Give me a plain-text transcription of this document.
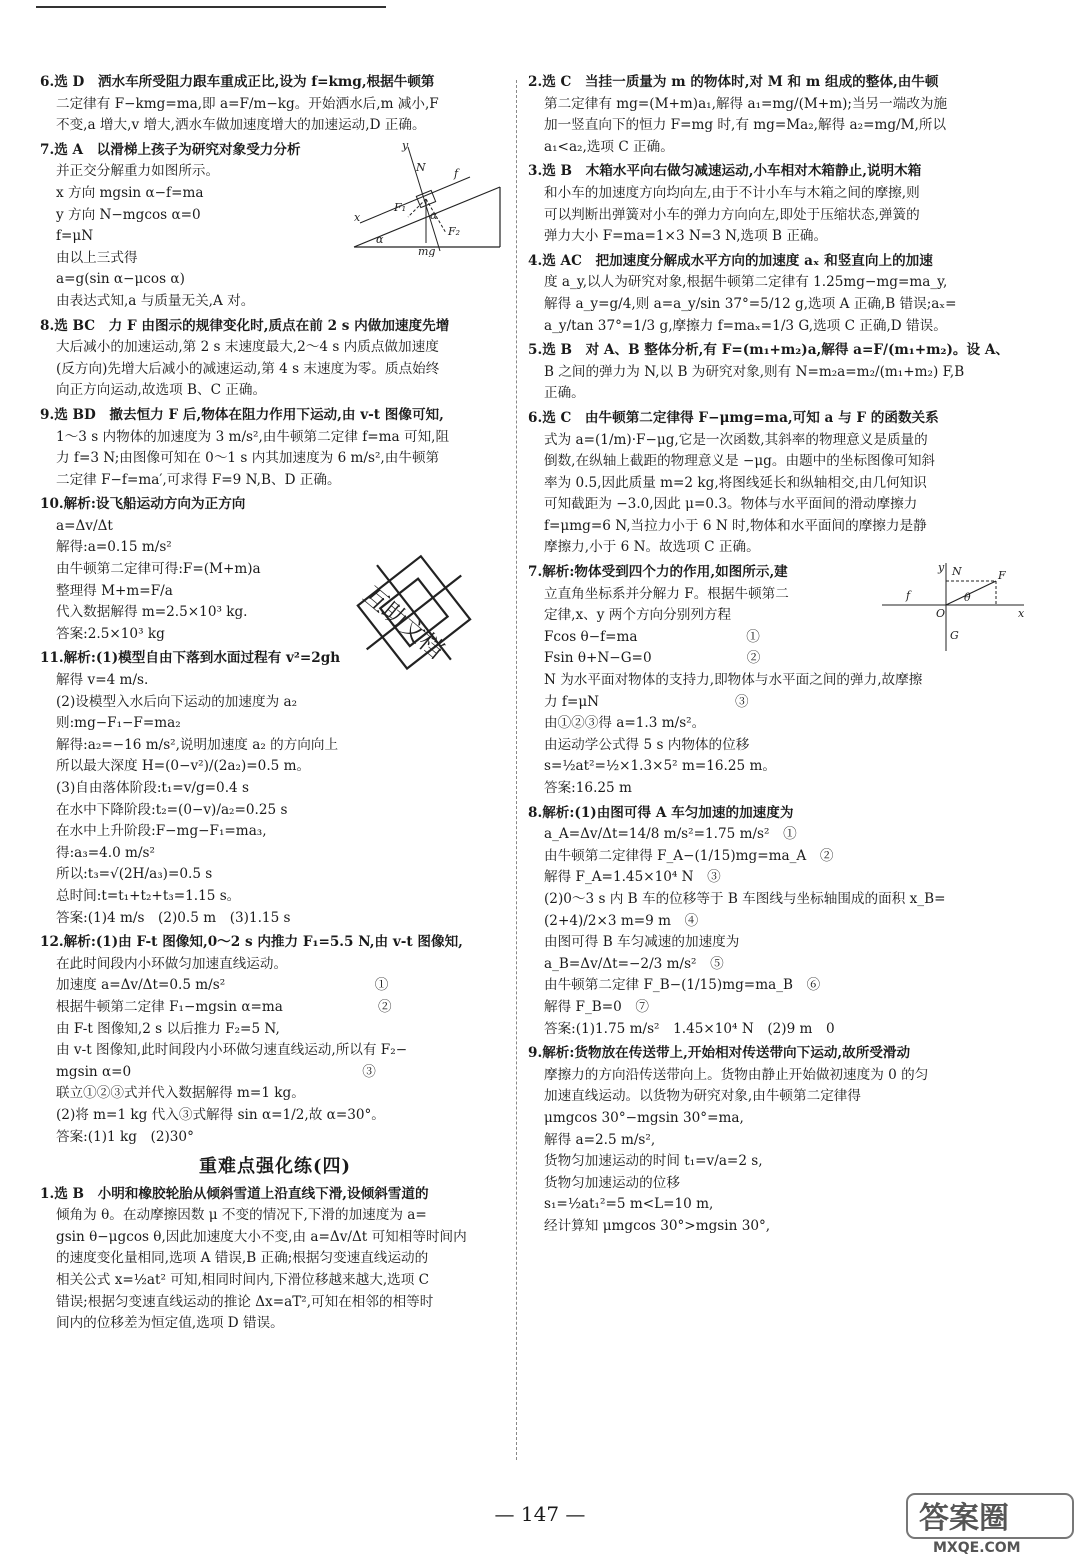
6.选 D　洒水车所受阻力跟车重成正比,设为 f=kmg,根据牛顿第

二定律有 F−kmg=ma,即 a=F/m−kg。开始洒水后,m 减小,F

不变,a 增大,v 增大,洒水车做加速度增大的加速运动,D 正确。

N	f
F₁
F₂
x
y
α
α
mg

7.选 A　以滑梯上孩子为研究对象受力分析

并正交分解重力如图所示。

x 方向 mgsin α−f=ma

y 方向 N−mgcos α=0

f=μN

由以上三式得

a=g(sin α−μcos α)

由表达式知,a 与质量无关,A 对。

8.选 BC　力 F 由图示的规律变化时,质点在前 2 s 内做加速度先增

大后减小的加速运动,第 2 s 末速度最大,2～4 s 内质点做加速度

(反方向)先增大后减小的减速运动,第 4 s 末速度为零。质点始终

向正方向运动,故选项 B、C 正确。

9.选 BD　撤去恒力 F 后,物体在阻力作用下运动,由 v-t 图像可知,

1～3 s 内物体的加速度为 3 m/s²,由牛顿第二定律 f=ma 可知,阻

力 f=3 N;由图像可知在 0～1 s 内其加速度为 6 m/s²,由牛顿第

二定律 F−f=ma′,可求得 F=9 N,B、D 正确。

10.解析:设飞船运动方向为正方向

a=Δv/Δt

解得:a=0.15 m/s²

由牛顿第二定律可得:F=(M+m)a

整理得 M+m=F/a

代入数据解得 m=2.5×10³ kg.

答案:2.5×10³ kg

11.解析:(1)模型自由下落到水面过程有 v²=2gh

解得 v=4 m/s.

(2)设模型入水后向下运动的加速度为 a₂

则:mg−F₁−F=ma₂

解得:a₂=−16 m/s²,说明加速度 a₂ 的方向向上

所以最大深度 H=(0−v²)/(2a₂)=0.5 m。

(3)自由落体阶段:t₁=v/g=0.4 s

在水中下降阶段:t₂=(0−v)/a₂=0.25 s

在水中上升阶段:F−mg−F₁=ma₃,

得:a₃=4.0 m/s²

所以:t₃=√(2H/a₃)=0.5 s

总时间:t=t₁+t₂+t₃=1.15 s。

答案:(1)4 m/s　(2)0.5 m　(3)1.15 s

12.解析:(1)由 F-t 图像知,0～2 s 内推力 F₁=5.5 N,由 v-t 图像知,

在此时间段内小环做匀加速直线运动。

加速度 a=Δv/Δt=0.5 m/s²　　　　　　　　　　　①

根据牛顿第二定律 F₁−mgsin α=ma　　　　　　　②

由 F-t 图像知,2 s 以后推力 F₂=5 N,

由 v-t 图像知,此时间段内小环做匀速直线运动,所以有 F₂−

mgsin α=0　　　　　　　　　　　　　　　　　③

联立①②③式并代入数据解得 m=1 kg。

(2)将 m=1 kg 代入③式解得 sin α=1/2,故 α=30°。

答案:(1)1 kg　(2)30°

重难点强化练(四)

1.选 B　小明和橡胶轮胎从倾斜雪道上沿直线下滑,设倾斜雪道的

倾角为 θ。在动摩擦因数 μ 不变的情况下,下滑的加速度为 a=

gsin θ−μgcos θ,因此加速度大小不变,由 a=Δv/Δt 可知相等时间内

的速度变化量相同,选项 A 错误,B 正确;根据匀变速直线运动的

相关公式 x=½at² 可知,相同时间内,下滑位移越来越大,选项 C

错误;根据匀变速直线运动的推论 Δx=aT²,可知在相邻的相等时

间内的位移差为恒定值,选项 D 错误。

2.选 C　当挂一质量为 m 的物体时,对 M 和 m 组成的整体,由牛顿

第二定律有 mg=(M+m)a₁,解得 a₁=mg/(M+m);当另一端改为施

加一竖直向下的恒力 F=mg 时,有 mg=Ma₂,解得 a₂=mg/M,所以

a₁<a₂,选项 C 正确。

3.选 B　木箱水平向右做匀减速运动,小车相对木箱静止,说明木箱

和小车的加速度方向均向左,由于不计小车与木箱之间的摩擦,则

可以判断出弹簧对小车的弹力方向向左,即处于压缩状态,弹簧的

弹力大小 F=ma=1×3 N=3 N,选项 B 正确。

4.选 AC　把加速度分解成水平方向的加速度 aₓ 和竖直向上的加速

度 a_y,以人为研究对象,根据牛顿第二定律有 1.25mg−mg=ma_y,

解得 a_y=g/4,则 a=a_y/sin 37°=5/12 g,选项 A 正确,B 错误;aₓ=

a_y/tan 37°=1/3 g,摩擦力 f=maₓ=1/3 G,选项 C 正确,D 错误。

5.选 B　对 A、B 整体分析,有 F=(m₁+m₂)a,解得 a=F/(m₁+m₂)。设 A、

B 之间的弹力为 N,以 B 为研究对象,则有 N=m₂a=m₂/(m₁+m₂) F,B

正确。

6.选 C　由牛顿第二定律得 F−μmg=ma,可知 a 与 F 的函数关系

式为 a=(1/m)·F−μg,它是一次函数,其斜率的物理意义是质量的

倒数,在纵轴上截距的物理意义是 −μg。由题中的坐标图像可知斜

率为 0.5,因此质量 m=2 kg,将图线延长和纵轴相交,由几何知识

可知截距为 −3.0,因此 μ=0.3。物体与水平面间的滑动摩擦力

f=μmg=6 N,当拉力小于 6 N 时,物体和水平面间的摩擦力是静

摩擦力,小于 6 N。故选项 C 正确。

y N	F
f
O
θ
x
G

7.解析:物体受到四个力的作用,如图所示,建

立直角坐标系并分解力 F。根据牛顿第二

定律,x、y 两个方向分别列方程

Fcos θ−f=ma　　　　　　　　①

Fsin θ+N−G=0　　　　　　　②

N 为水平面对物体的支持力,即物体与水平面之间的弹力,故摩擦

力 f=μN　　　　　　　　　　③

由①②③得 a=1.3 m/s²。

由运动学公式得 5 s 内物体的位移

s=½at²=½×1.3×5² m=16.25 m。

答案:16.25 m

8.解析:(1)由图可得 A 车匀加速的加速度为

a_A=Δv/Δt=14/8 m/s²=1.75 m/s²　①

由牛顿第二定律得 F_A−(1/15)mg=ma_A　②

解得 F_A=1.45×10⁴ N　③

(2)0～3 s 内 B 车的位移等于 B 车图线与坐标轴围成的面积 x_B=

(2+4)/2×3 m=9 m　④

由图可得 B 车匀减速的加速度为

a_B=Δv/Δt=−2/3 m/s²　⑤

由牛顿第二定律 F_B−(1/15)mg=ma_B　⑥

解得 F_B=0　⑦

答案:(1)1.75 m/s²　1.45×10⁴ N　(2)9 m　0

9.解析:货物放在传送带上,开始相对传送带向下运动,故所受滑动

摩擦力的方向沿传送带向上。货物由静止开始做初速度为 0 的匀

加速直线运动。以货物为研究对象,由牛顿第二定律得

μmgcos 30°−mgsin 30°=ma,

解得 a=2.5 m/s²,

货物匀加速运动的时间 t₁=v/a=2 s,

货物匀加速运动的位移

s₁=½at₁²=5 m<L=10 m,

经计算知 μmgcos 30°>mgsin 30°,

互助文档
— 147 —	答案圈
MXQE.COM
